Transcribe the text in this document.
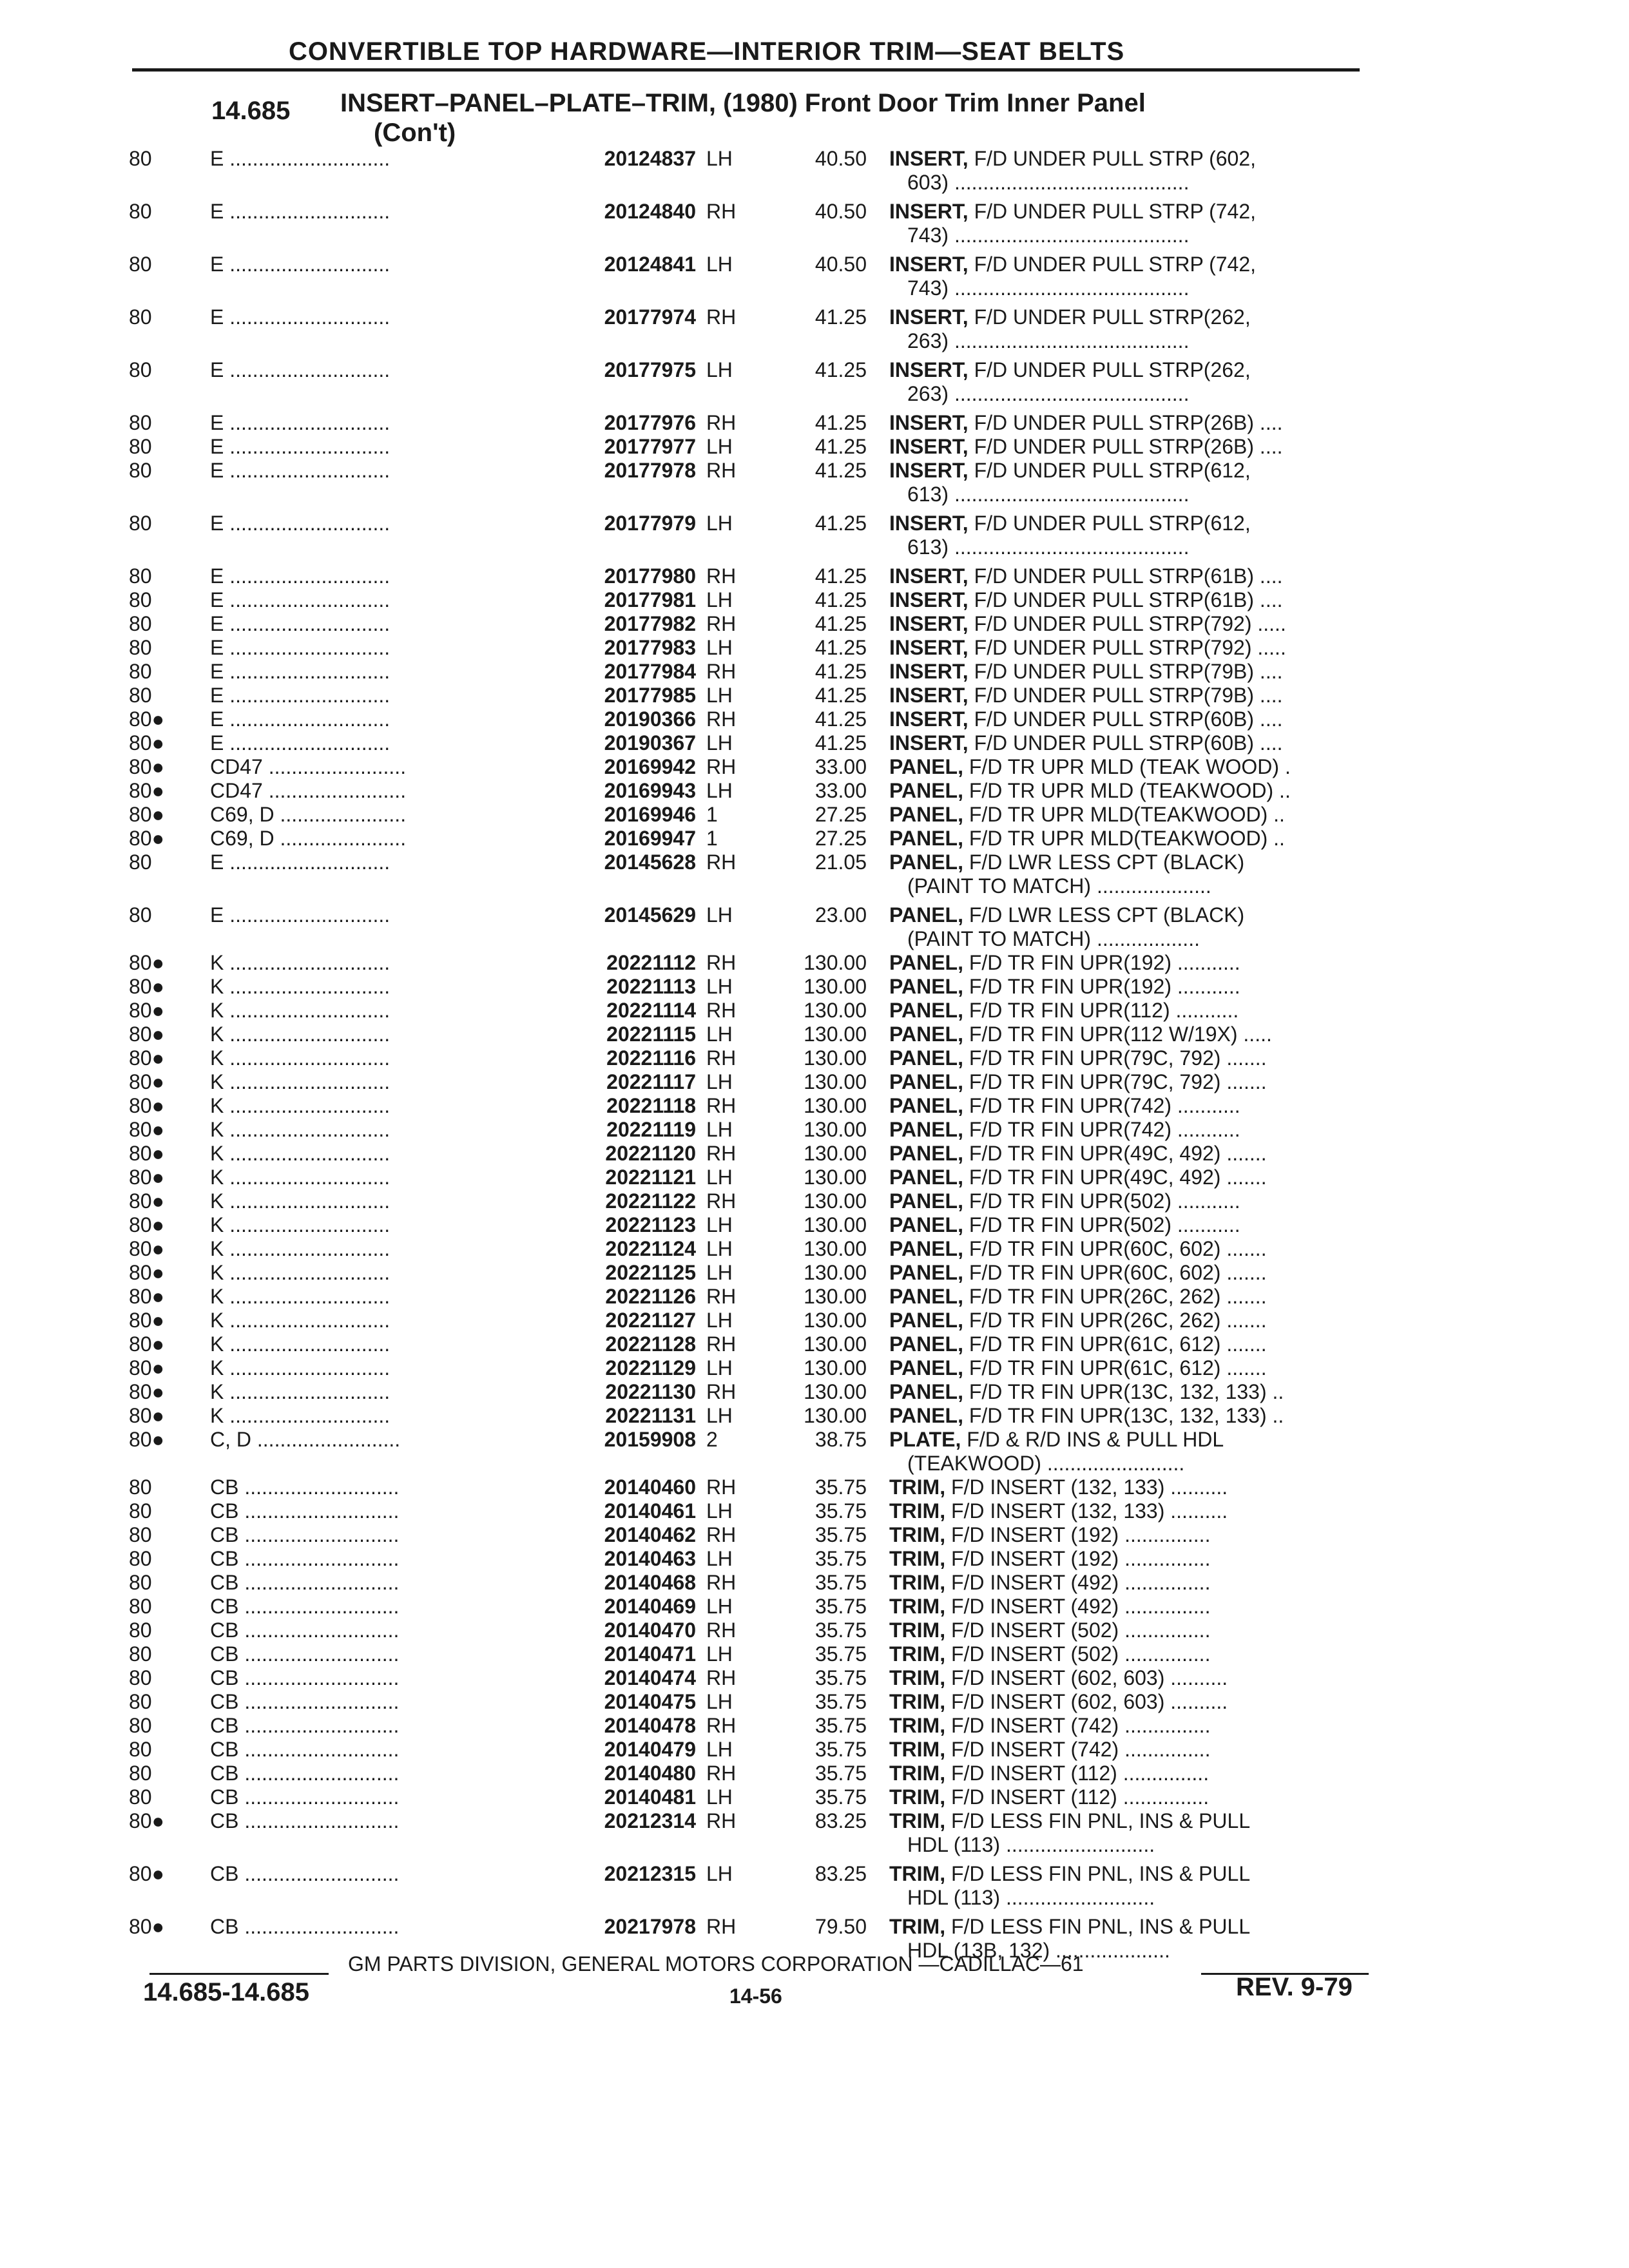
CONVERTIBLE TOP HARDWARE—INTERIOR TRIM—SEAT BELTS
14.685 INSERT–PANEL–PLATE–TRIM, (1980) Front Door Trim Inner Panel
(Con't)
80	E ............................	20124837 LH	40.50 INSERT, F/D UNDER PULL STRP (602,
603) .........................................
80	E ............................	20124840 RH	40.50 INSERT, F/D UNDER PULL STRP (742,
743) .........................................
80	E ............................	20124841 LH	40.50 INSERT, F/D UNDER PULL STRP (742,
743) .........................................
80	E ............................	20177974 RH	41.25 INSERT, F/D UNDER PULL STRP(262,
263) .........................................
80	E ............................	20177975 LH	41.25 INSERT, F/D UNDER PULL STRP(262,
263) .........................................
80	E ............................	20177976 RH	41.25 INSERT, F/D UNDER PULL STRP(26B) ....
80	E ............................	20177977 LH	41.25 INSERT, F/D UNDER PULL STRP(26B) ....
80	E ............................	20177978 RH	41.25 INSERT, F/D UNDER PULL STRP(612,
613) .........................................
80	E ............................	20177979 LH	41.25 INSERT, F/D UNDER PULL STRP(612,
613) .........................................
80	E ............................	20177980 RH	41.25 INSERT, F/D UNDER PULL STRP(61B) ....
80	E ............................	20177981 LH	41.25 INSERT, F/D UNDER PULL STRP(61B) ....
80	E ............................	20177982 RH	41.25 INSERT, F/D UNDER PULL STRP(792) .....
80	E ............................	20177983 LH	41.25 INSERT, F/D UNDER PULL STRP(792) .....
80	E ............................	20177984 RH	41.25 INSERT, F/D UNDER PULL STRP(79B) ....
80	E ............................	20177985 LH	41.25 INSERT, F/D UNDER PULL STRP(79B) ....
80●	E ............................	20190366 RH	41.25 INSERT, F/D UNDER PULL STRP(60B) ....
80●	E ............................	20190367 LH	41.25 INSERT, F/D UNDER PULL STRP(60B) ....
80●	CD47 ........................	20169942 RH	33.00 PANEL, F/D TR UPR MLD (TEAK WOOD) .
80●	CD47 ........................	20169943 LH	33.00 PANEL, F/D TR UPR MLD (TEAKWOOD) ..
80●	C69, D ......................	20169946 1	27.25 PANEL, F/D TR UPR MLD(TEAKWOOD) ..
80●	C69, D ......................	20169947 1	27.25 PANEL, F/D TR UPR MLD(TEAKWOOD) ..
80	E ............................	20145628 RH	21.05 PANEL, F/D LWR LESS CPT (BLACK)
(PAINT TO MATCH) ....................
80	E ............................	20145629 LH	23.00 PANEL, F/D LWR LESS CPT (BLACK)
(PAINT TO MATCH) ..................
80●	K ............................	20221112 RH	130.00 PANEL, F/D TR FIN UPR(192) ...........
80●	K ............................	20221113 LH	130.00 PANEL, F/D TR FIN UPR(192) ...........
80●	K ............................	20221114 RH	130.00 PANEL, F/D TR FIN UPR(112) ...........
80●	K ............................	20221115 LH	130.00 PANEL, F/D TR FIN UPR(112 W/19X) .....
80●	K ............................	20221116 RH	130.00 PANEL, F/D TR FIN UPR(79C, 792) .......
80●	K ............................	20221117 LH	130.00 PANEL, F/D TR FIN UPR(79C, 792) .......
80●	K ............................	20221118 RH	130.00 PANEL, F/D TR FIN UPR(742) ...........
80●	K ............................	20221119 LH	130.00 PANEL, F/D TR FIN UPR(742) ...........
80●	K ............................	20221120 RH	130.00 PANEL, F/D TR FIN UPR(49C, 492) .......
80●	K ............................	20221121 LH	130.00 PANEL, F/D TR FIN UPR(49C, 492) .......
80●	K ............................	20221122 RH	130.00 PANEL, F/D TR FIN UPR(502) ...........
80●	K ............................	20221123 LH	130.00 PANEL, F/D TR FIN UPR(502) ...........
80●	K ............................	20221124 LH	130.00 PANEL, F/D TR FIN UPR(60C, 602) .......
80●	K ............................	20221125 LH	130.00 PANEL, F/D TR FIN UPR(60C, 602) .......
80●	K ............................	20221126 RH	130.00 PANEL, F/D TR FIN UPR(26C, 262) .......
80●	K ............................	20221127 LH	130.00 PANEL, F/D TR FIN UPR(26C, 262) .......
80●	K ............................	20221128 RH	130.00 PANEL, F/D TR FIN UPR(61C, 612) .......
80●	K ............................	20221129 LH	130.00 PANEL, F/D TR FIN UPR(61C, 612) .......
80●	K ............................	20221130 RH	130.00 PANEL, F/D TR FIN UPR(13C, 132, 133) ..
80●	K ............................	20221131 LH	130.00 PANEL, F/D TR FIN UPR(13C, 132, 133) ..
80●	C, D .........................	20159908 2	38.75 PLATE, F/D & R/D INS & PULL HDL
(TEAKWOOD) ........................
80	CB ...........................	20140460 RH	35.75 TRIM, F/D INSERT (132, 133) ..........
80	CB ...........................	20140461 LH	35.75 TRIM, F/D INSERT (132, 133) ..........
80	CB ...........................	20140462 RH	35.75 TRIM, F/D INSERT (192) ...............
80	CB ...........................	20140463 LH	35.75 TRIM, F/D INSERT (192) ...............
80	CB ...........................	20140468 RH	35.75 TRIM, F/D INSERT (492) ...............
80	CB ...........................	20140469 LH	35.75 TRIM, F/D INSERT (492) ...............
80	CB ...........................	20140470 RH	35.75 TRIM, F/D INSERT (502) ...............
80	CB ...........................	20140471 LH	35.75 TRIM, F/D INSERT (502) ...............
80	CB ...........................	20140474 RH	35.75 TRIM, F/D INSERT (602, 603) ..........
80	CB ...........................	20140475 LH	35.75 TRIM, F/D INSERT (602, 603) ..........
80	CB ...........................	20140478 RH	35.75 TRIM, F/D INSERT (742) ...............
80	CB ...........................	20140479 LH	35.75 TRIM, F/D INSERT (742) ...............
80	CB ...........................	20140480 RH	35.75 TRIM, F/D INSERT (112) ...............
80	CB ...........................	20140481 LH	35.75 TRIM, F/D INSERT (112) ...............
80●	CB ...........................	20212314 RH	83.25 TRIM, F/D LESS FIN PNL, INS & PULL
HDL (113) ..........................
80●	CB ...........................	20212315 LH	83.25 TRIM, F/D LESS FIN PNL, INS & PULL
HDL (113) ..........................
80●	CB ...........................	20217978 RH	79.50 TRIM, F/D LESS FIN PNL, INS & PULL
HDL (13B, 132) ....................
GM PARTS DIVISION, GENERAL MOTORS CORPORATION —CADILLAC—61
14.685-14.685	14-56	REV. 9-79
